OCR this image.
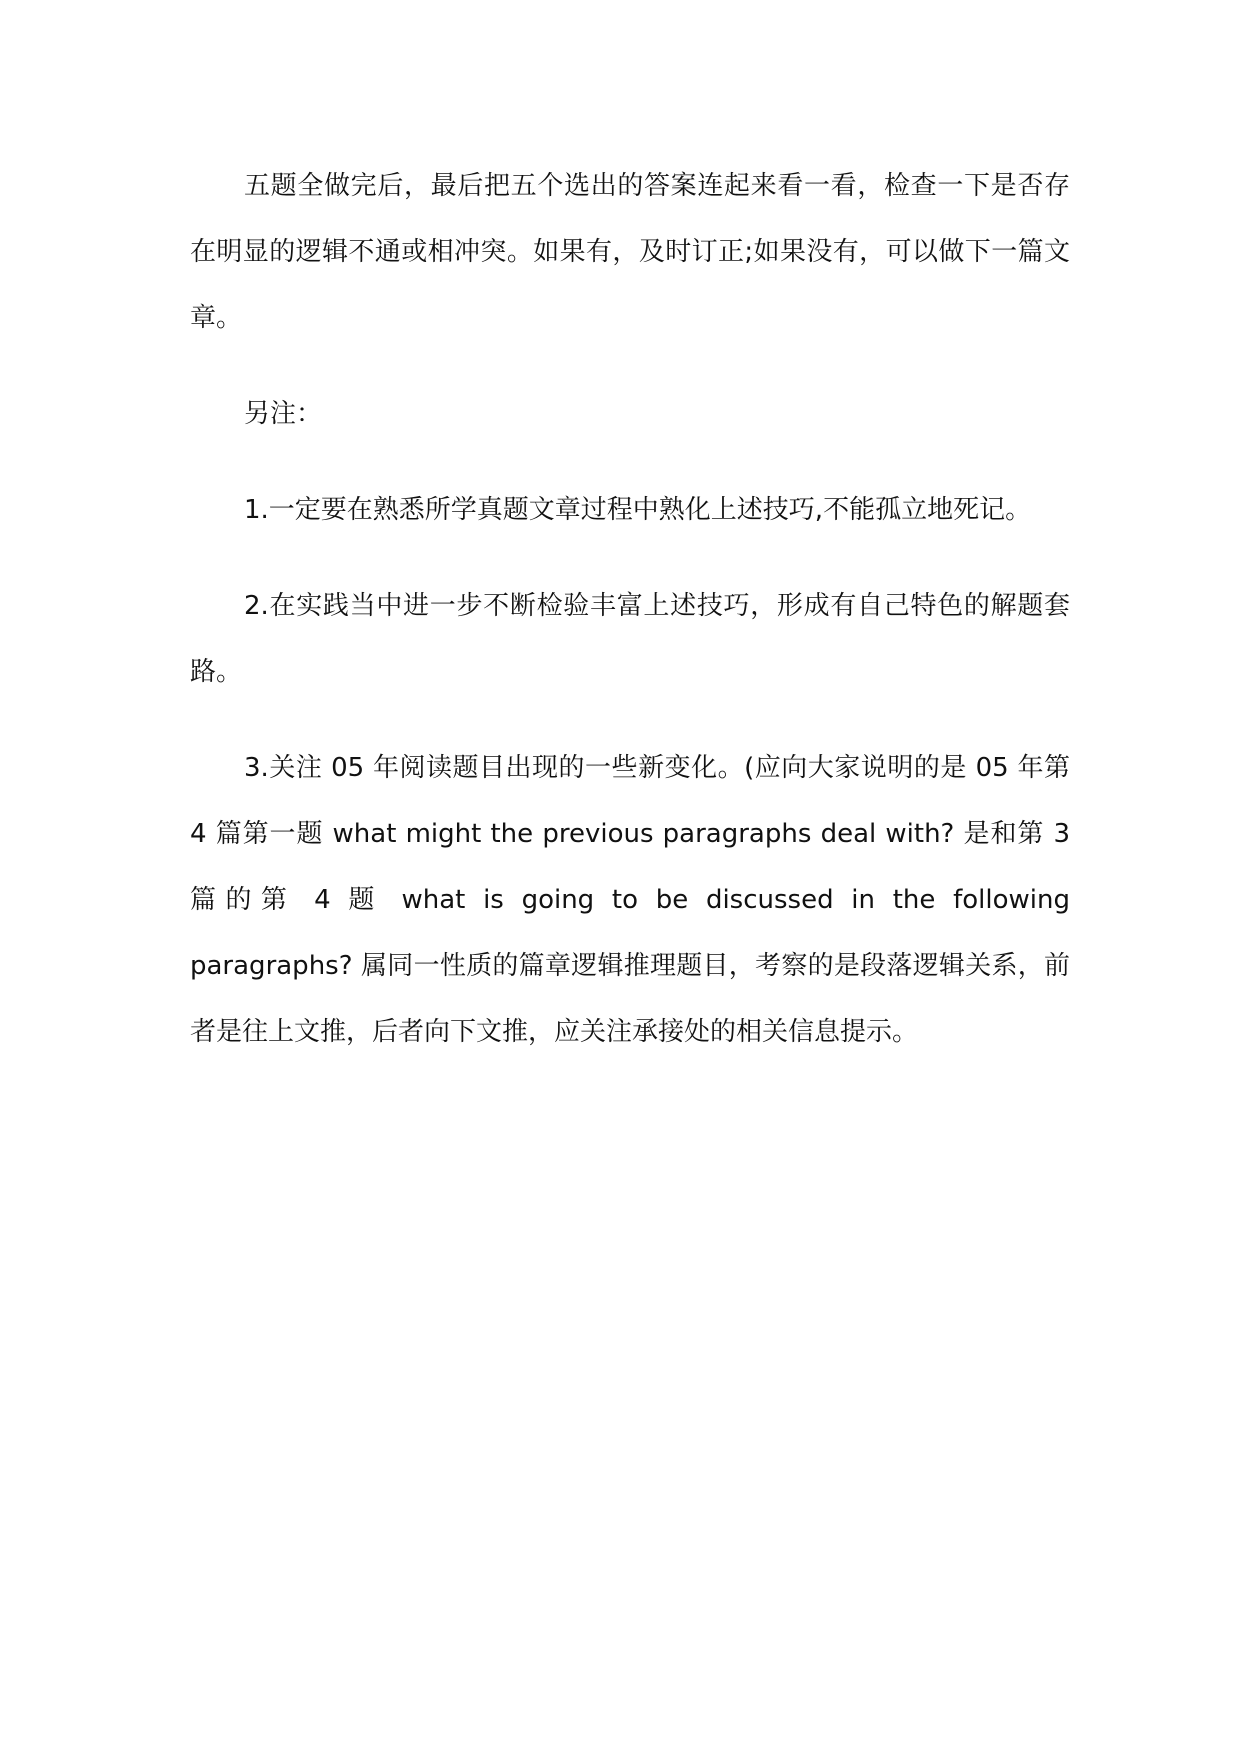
五题全做完后，最后把五个选出的答案连起来看一看，检查一下是否存在明显的逻辑不通或相冲突。如果有，及时订正;如果没有，可以做下一篇文章。

另注：

1.一定要在熟悉所学真题文章过程中熟化上述技巧,不能孤立地死记。

2.在实践当中进一步不断检验丰富上述技巧，形成有自己特色的解题套路。

3.关注 05 年阅读题目出现的一些新变化。(应向大家说明的是 05 年第 4 篇第一题 what might the previous paragraphs deal with? 是和第 3 篇的第 4 题 what is going to be discussed in the following paragraphs? 属同一性质的篇章逻辑推理题目，考察的是段落逻辑关系，前者是往上文推，后者向下文推，应关注承接处的相关信息提示。
